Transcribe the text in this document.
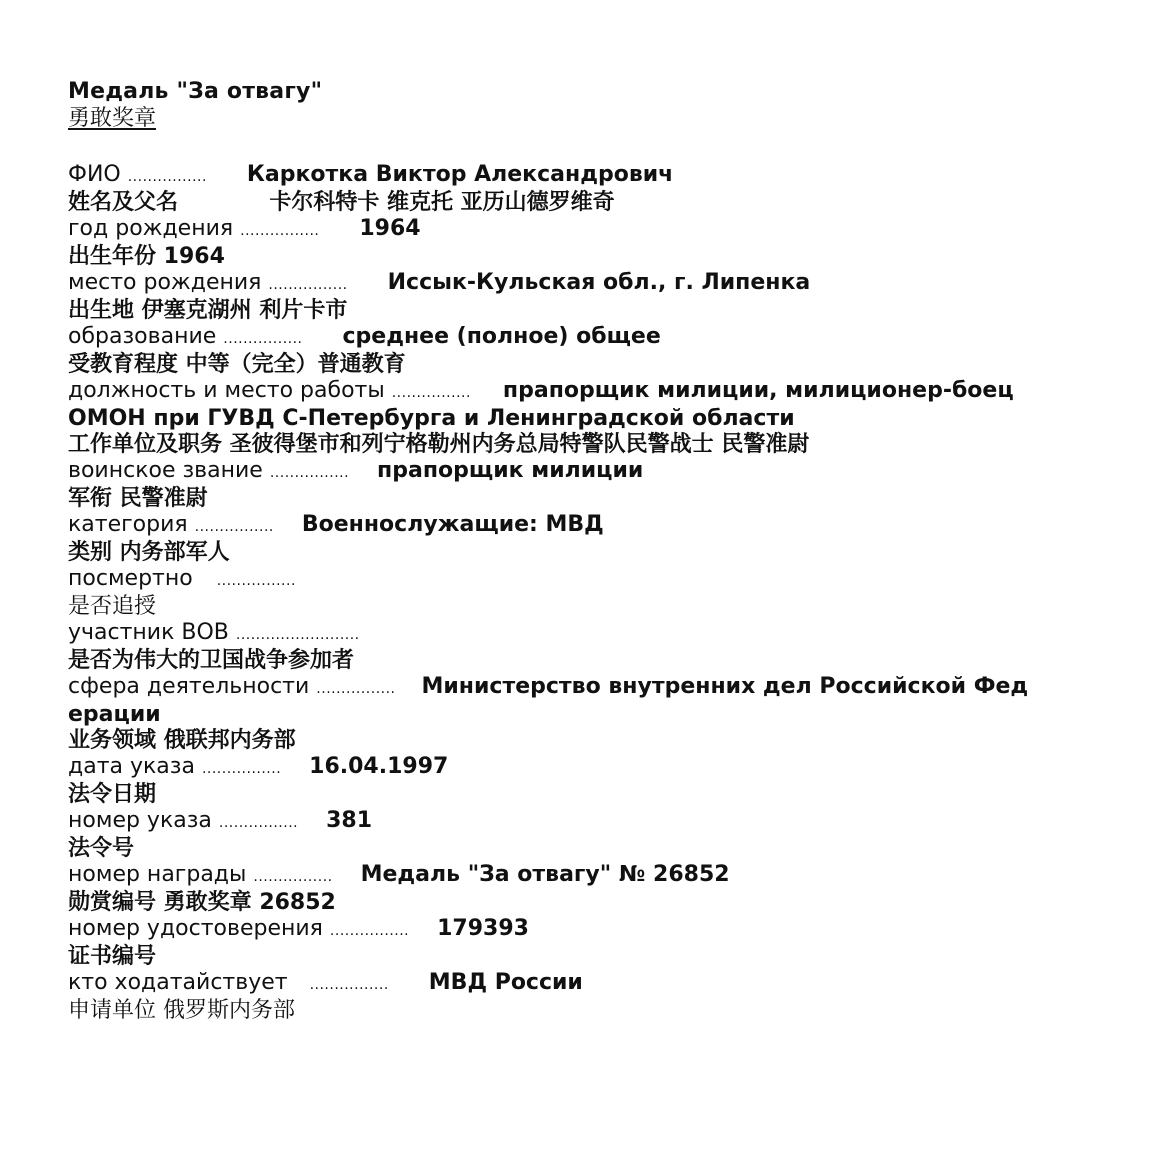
Медаль "За отвагу"
勇敢奖章
ФИО ................ Каркотка Виктор Александрович
姓名及父名	卡尔科特卡 维克托 亚历山德罗维奇
год рождения ................ 1964
出生年份 1964
место рождения ................ Иссык-Кульская обл., г. Липенка
出生地 伊塞克湖州 利片卡市
образование ................ среднее (полное) общее
受教育程度 中等（完全）普通教育
должность и место работы ................ прапорщик милиции, милиционер-боец
ОМОН при ГУВД С-Петербурга и Ленинградской области
工作单位及职务 圣彼得堡市和列宁格勒州内务总局特警队民警战士 民警准尉
воинское звание ................ прапорщик милиции
军衔 民警准尉
категория ................ Военнослужащие: МВД
类别 内务部军人
посмертно ................
是否追授
участник ВОВ .........................
是否为伟大的卫国战争参加者
сфера деятельности ................ Министерство внутренних дел Российской Фед
ерации
业务领域 俄联邦内务部
дата указа ................ 16.04.1997
法令日期
номер указа ................ 381
法令号
номер награды ................ Медаль "За отвагу" № 26852
勋赏编号 勇敢奖章 26852
номер удостоверения ................ 179393
证书编号
кто ходатайствует ................ МВД России
申请单位 俄罗斯内务部
